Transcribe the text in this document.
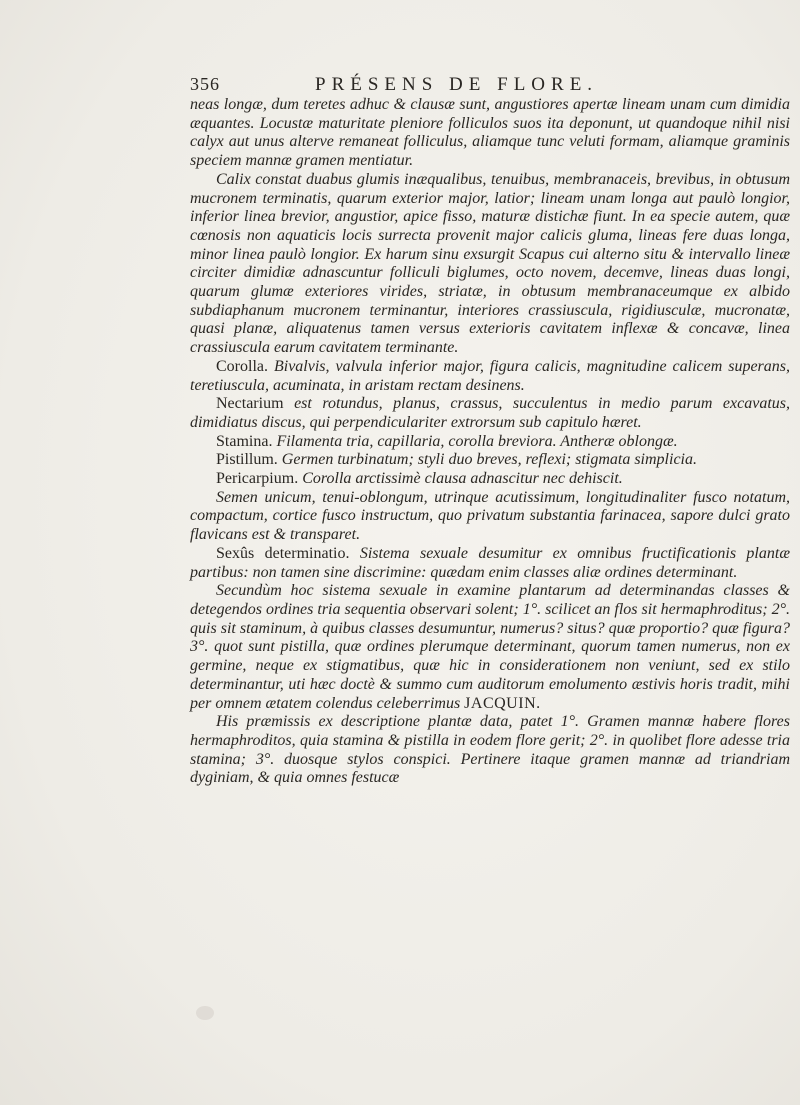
356	PRÉSENS DE FLORE.

neas longæ, dum teretes adhuc & clausæ sunt, angustiores apertæ lineam unam cum dimidia æquantes. Locustæ maturitate pleniore folliculos suos ita deponunt, ut quandoque nihil nisi calyx aut unus alterve remaneat folliculus, aliamque tunc veluti formam, aliamque graminis speciem mannæ gramen mentiatur.

Calix constat duabus glumis inæqualibus, tenuibus, membranaceis, brevibus, in obtusum mucronem terminatis, quarum exterior major, latior; lineam unam longa aut paulò longior, inferior linea brevior, angustior, apice fisso, maturæ distichæ fiunt. In ea specie autem, quæ cœnosis non aquaticis locis surrecta provenit major calicis gluma, lineas fere duas longa, minor linea paulò longior. Ex harum sinu exsurgit Scapus cui alterno situ & intervallo lineæ circiter dimidiæ adnascuntur folliculi biglumes, octo novem, decemve, lineas duas longi, quarum glumæ exteriores virides, striatæ, in obtusum membranaceumque ex albido subdiaphanum mucronem terminantur, interiores crassiuscula, rigidiusculæ, mucronatæ, quasi planæ, aliquatenus tamen versus exterioris cavitatem inflexæ & concavæ, linea crassiuscula earum cavitatem terminante.

Corolla. Bivalvis, valvula inferior major, figura calicis, magnitudine calicem superans, teretiuscula, acuminata, in aristam rectam desinens.

Nectarium est rotundus, planus, crassus, succulentus in medio parum excavatus, dimidiatus discus, qui perpendiculariter extrorsum sub capitulo hæret.

Stamina. Filamenta tria, capillaria, corolla breviora. Antheræ oblongæ.

Pistillum. Germen turbinatum; styli duo breves, reflexi; stigmata simplicia.

Pericarpium. Corolla arctissimè clausa adnascitur nec dehiscit.

Semen unicum, tenui-oblongum, utrinque acutissimum, longitudinaliter fusco notatum, compactum, cortice fusco instructum, quo privatum substantia farinacea, sapore dulci grato flavicans est & transparet.

Sexûs determinatio. Sistema sexuale desumitur ex omnibus fructificationis plantæ partibus: non tamen sine discrimine: quædam enim classes aliæ ordines determinant.

Secundùm hoc sistema sexuale in examine plantarum ad determinandas classes & detegendos ordines tria sequentia observari solent; 1°. scilicet an flos sit hermaphroditus; 2°. quis sit staminum, à quibus classes desumuntur, numerus? situs? quæ proportio? quæ figura? 3°. quot sunt pistilla, quæ ordines plerumque determinant, quorum tamen numerus, non ex germine, neque ex stigmatibus, quæ hic in considerationem non veniunt, sed ex stilo determinantur, uti hæc doctè & summo cum auditorum emolumento æstivis horis tradit, mihi per omnem ætatem colendus celeberrimus JACQUIN.

His præmissis ex descriptione plantæ data, patet 1°. Gramen mannæ habere flores hermaphroditos, quia stamina & pistilla in eodem flore gerit; 2°. in quolibet flore adesse tria stamina; 3°. duosque stylos conspici. Pertinere itaque gramen mannæ ad triandriam dyginiam, & quia omnes festucæ
